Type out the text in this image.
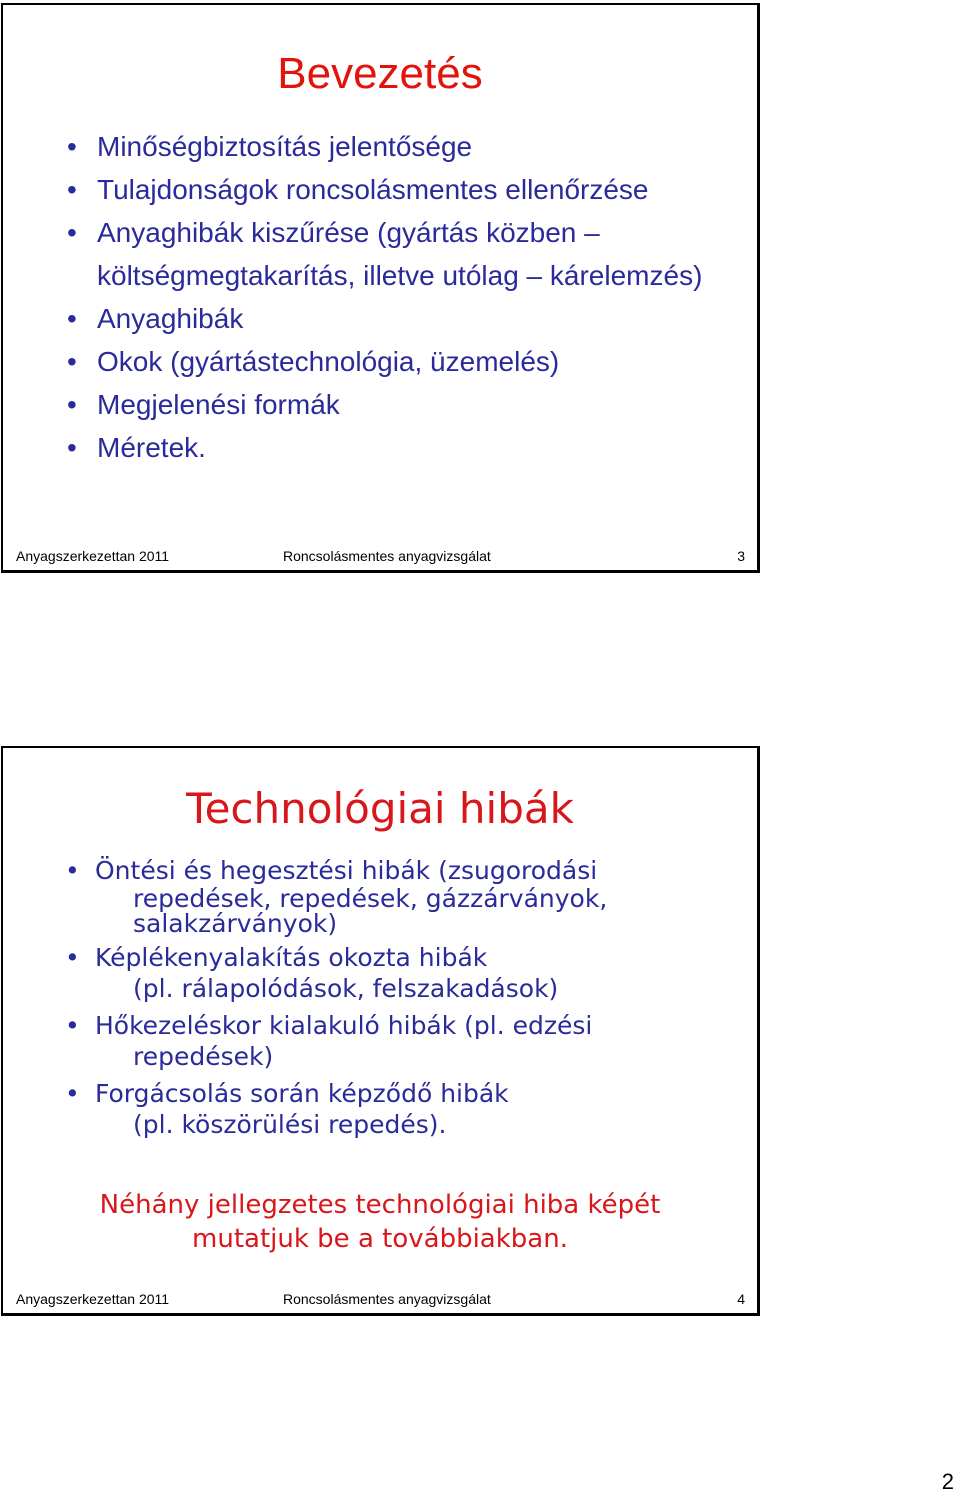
Bevezetés
• Minőségbiztosítás jelentősége
• Tulajdonságok roncsolásmentes ellenőrzése
• Anyaghibák kiszűrése (gyártás közben –
költségmegtakarítás, illetve utólag – kárelemzés)
• Anyaghibák
• Okok (gyártástechnológia, üzemelés)
• Megjelenési formák
• Méretek.
Anyagszerkezettan 2011	Roncsolásmentes anyagvizsgálat	3
Technológiai hibák
• Öntési és hegesztési hibák (zsugorodási
repedések, repedések, gázzárványok,
salakzárványok)
• Képlékenyalakítás okozta hibák
(pl. rálapolódások, felszakadások)
• Hőkezeléskor kialakuló hibák (pl. edzési
repedések)
• Forgácsolás során képződő hibák
(pl. köszörülési repedés).
Néhány jellegzetes technológiai hiba képét
mutatjuk be a továbbiakban.
Anyagszerkezettan 2011	Roncsolásmentes anyagvizsgálat	4
2
